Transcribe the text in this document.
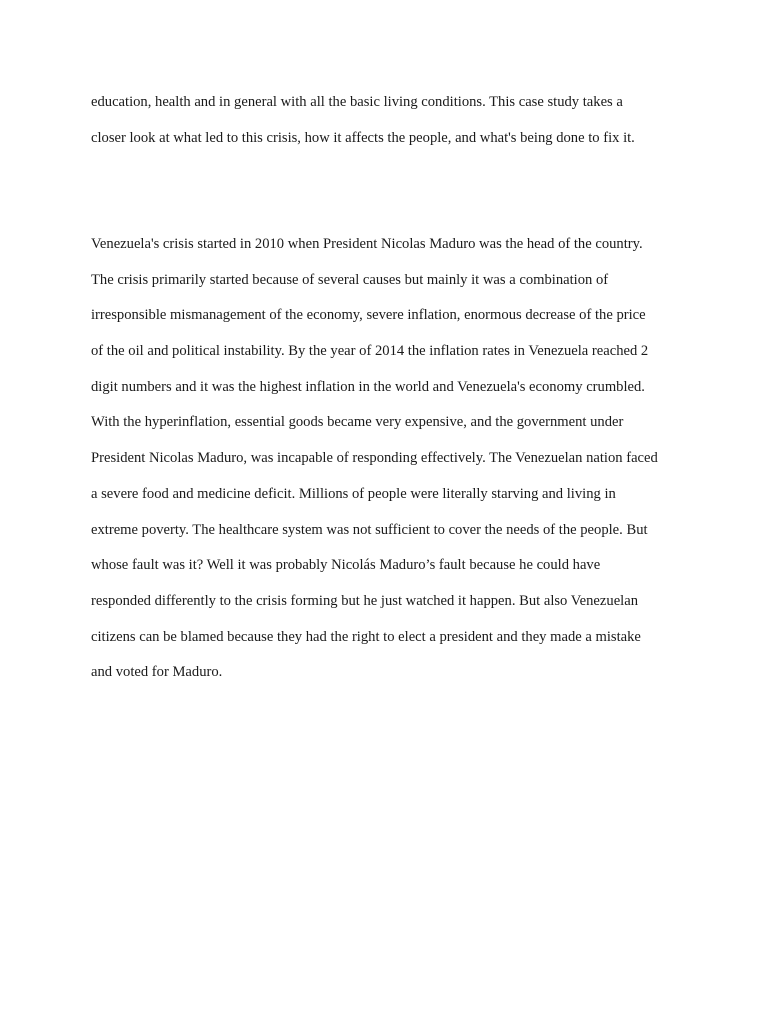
education, health and in general with all the basic living conditions. This case study takes a
closer look at what led to this crisis, how it affects the people, and what's being done to fix it.

Venezuela's crisis started in 2010 when President Nicolas Maduro was the head of the country.
The crisis primarily started because of several causes but mainly it was a combination of
irresponsible mismanagement of the economy, severe inflation, enormous decrease of the price
of the oil and political instability. By the year of 2014 the inflation rates in Venezuela reached 2
digit numbers and it was the highest inflation in the world and Venezuela's economy crumbled.
With the hyperinflation, essential goods became very expensive, and the government under
President Nicolas Maduro, was incapable of responding effectively. The Venezuelan nation faced
a severe food and medicine deficit. Millions of people were literally starving and living in
extreme poverty. The healthcare system was not sufficient to cover the needs of the people. But
whose fault was it? Well it was probably Nicolás Maduro’s fault because he could have
responded differently to the crisis forming but he just watched it happen. But also Venezuelan
citizens can be blamed because they had the right to elect a president and they made a mistake
and voted for Maduro.
